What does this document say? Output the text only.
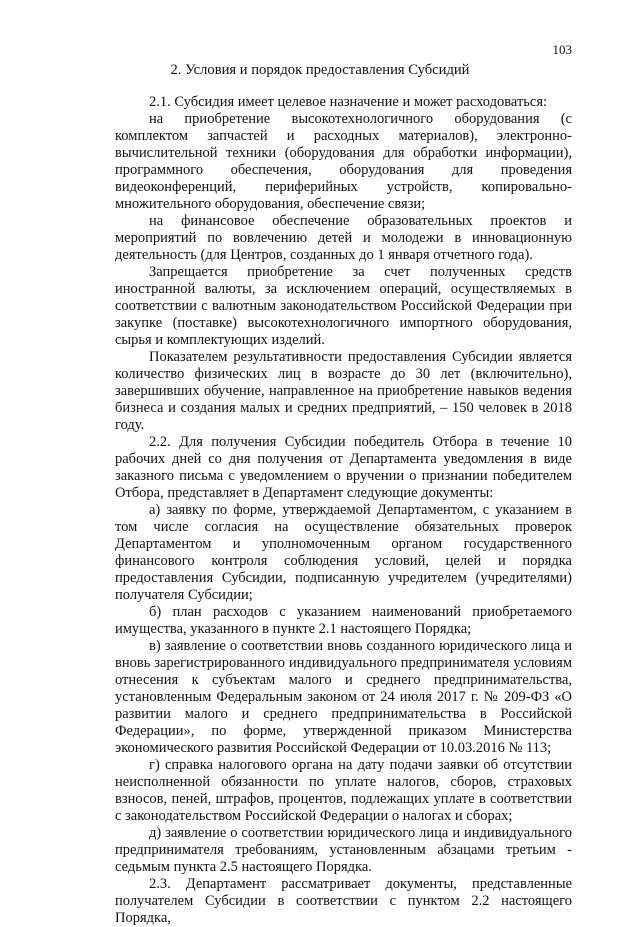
103
2. Условия и порядок предоставления Субсидий

2.1. Субсидия имеет целевое назначение и может расходоваться:

на приобретение высокотехнологичного оборудования (с комплектом запчастей и расходных материалов), электронно-вычислительной техники (оборудования для обработки информации), программного обеспечения, оборудования для проведения видеоконференций, периферийных устройств, копировально-множительного оборудования, обеспечение связи;

на финансовое обеспечение образовательных проектов и мероприятий по вовлечению детей и молодежи в инновационную деятельность (для Центров, созданных до 1 января отчетного года).

Запрещается приобретение за счет полученных средств иностранной валюты, за исключением операций, осуществляемых в соответствии с валютным законодательством Российской Федерации при закупке (поставке) высокотехнологичного импортного оборудования, сырья и комплектующих изделий.

Показателем результативности предоставления Субсидии является количество физических лиц в возрасте до 30 лет (включительно), завершивших обучение, направленное на приобретение навыков ведения бизнеса и создания малых и средних предприятий, – 150 человек в 2018 году.

2.2. Для получения Субсидии победитель Отбора в течение 10 рабочих дней со дня получения от Департамента уведомления в виде заказного письма с уведомлением о вручении о признании победителем Отбора, представляет в Департамент следующие документы:

а) заявку по форме, утверждаемой Департаментом, с указанием в том числе согласия на осуществление обязательных проверок Департаментом и уполномоченным органом государственного финансового контроля соблюдения условий, целей и порядка предоставления Субсидии, подписанную учредителем (учредителями) получателя Субсидии;

б) план расходов с указанием наименований приобретаемого имущества, указанного в пункте 2.1 настоящего Порядка;

в) заявление о соответствии вновь созданного юридического лица и вновь зарегистрированного индивидуального предпринимателя условиям отнесения к субъектам малого и среднего предпринимательства, установленным Федеральным законом от 24 июля 2017 г. № 209-ФЗ «О развитии малого и среднего предпринимательства в Российской Федерации», по форме, утвержденной приказом Министерства экономического развития Российской Федерации от 10.03.2016 № 113;

г) справка налогового органа на дату подачи заявки об отсутствии неисполненной обязанности по уплате налогов, сборов, страховых взносов, пеней, штрафов, процентов, подлежащих уплате в соответствии с законодательством Российской Федерации о налогах и сборах;

д) заявление о соответствии юридического лица и индивидуального предпринимателя требованиям, установленным абзацами третьим - седьмым пункта 2.5 настоящего Порядка.

2.3. Департамент рассматривает документы, представленные получателем Субсидии в соответствии с пунктом 2.2 настоящего Порядка,
